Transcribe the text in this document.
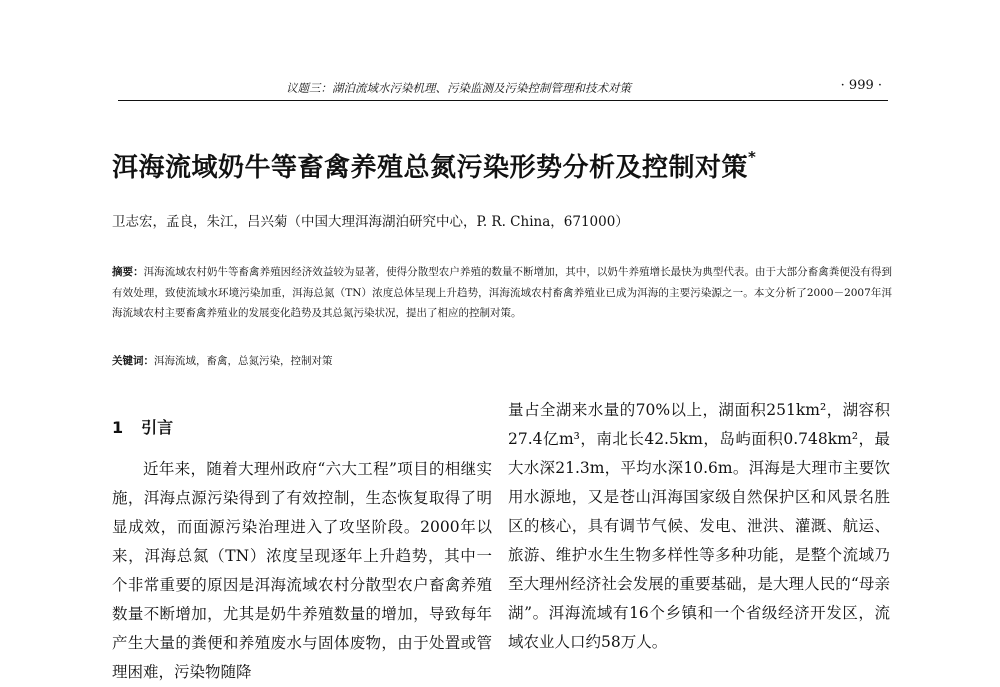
议题三：湖泊流域水污染机理、污染监测及污染控制管理和技术对策	· 999 ·
洱海流域奶牛等畜禽养殖总氮污染形势分析及控制对策*
卫志宏，孟良，朱江，吕兴菊（中国大理洱海湖泊研究中心，P. R. China，671000）
摘要：洱海流域农村奶牛等畜禽养殖因经济效益较为显著，使得分散型农户养殖的数量不断增加，其中，以奶牛养殖增长最快为典型代表。由于大部分畜禽粪便没有得到有效处理，致使流域水环境污染加重，洱海总氮（TN）浓度总体呈现上升趋势，洱海流域农村畜禽养殖业已成为洱海的主要污染源之一。本文分析了2000－2007年洱海流域农村主要畜禽养殖业的发展变化趋势及其总氮污染状况，提出了相应的控制对策。
关键词：洱海流域，畜禽，总氮污染，控制对策
1 引言
近年来，随着大理州政府“六大工程”项目的相继实施，洱海点源污染得到了有效控制，生态恢复取得了明显成效，而面源污染治理进入了攻坚阶段。2000年以来，洱海总氮（TN）浓度呈现逐年上升趋势，其中一个非常重要的原因是洱海流域农村分散型农户畜禽养殖数量不断增加，尤其是奶牛养殖数量的增加，导致每年产生大量的粪便和养殖废水与固体废物，由于处置或管理困难，污染物随降
量占全湖来水量的70%以上，湖面积251km²，湖容积27.4亿m³，南北长42.5km，岛屿面积0.748km²，最大水深21.3m，平均水深10.6m。洱海是大理市主要饮用水源地，又是苍山洱海国家级自然保护区和风景名胜区的核心，具有调节气候、发电、泄洪、灌溉、航运、旅游、维护水生生物多样性等多种功能，是整个流域乃至大理州经济社会发展的重要基础，是大理人民的“母亲湖”。洱海流域有16个乡镇和一个省级经济开发区，流域农业人口约58万人。
